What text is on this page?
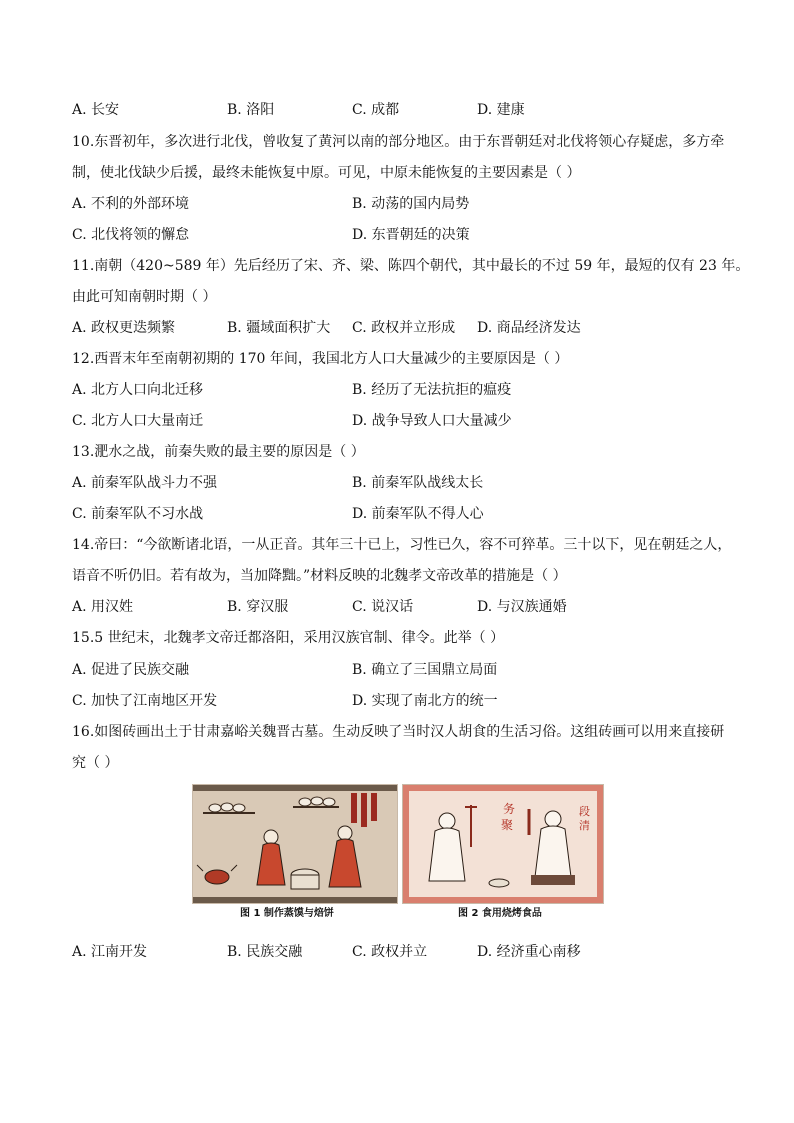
A. 长安	B. 洛阳	C. 成都	D. 建康
10.东晋初年，多次进行北伐，曾收复了黄河以南的部分地区。由于东晋朝廷对北伐将领心存疑虑，多方牵
制，使北伐缺少后援，最终未能恢复中原。可见，中原未能恢复的主要因素是（ ）
A. 不利的外部环境	B. 动荡的国内局势
C. 北伐将领的懈怠	D. 东晋朝廷的决策
11.南朝（420~589 年）先后经历了宋、齐、梁、陈四个朝代，其中最长的不过 59 年，最短的仅有 23 年。
由此可知南朝时期（ ）
A. 政权更迭频繁	B. 疆域面积扩大 C. 政权并立形成 D. 商品经济发达
12.西晋末年至南朝初期的 170 年间，我国北方人口大量减少的主要原因是（ ）
A. 北方人口向北迁移	B. 经历了无法抗拒的瘟疫
C. 北方人口大量南迁	D. 战争导致人口大量减少
13.淝水之战，前秦失败的最主要的原因是（ ）
A. 前秦军队战斗力不强	B. 前秦军队战线太长
C. 前秦军队不习水战	D. 前秦军队不得人心
14.帝曰：“今欲断诸北语，一从正音。其年三十已上，习性已久，容不可猝革。三十以下，见在朝廷之人，
语音不听仍旧。若有故为，当加降黜。”材料反映的北魏孝文帝改革的措施是（ ）
A. 用汉姓	B. 穿汉服	C. 说汉话	D. 与汉族通婚
15.5 世纪末，北魏孝文帝迁都洛阳，采用汉族官制、律令。此举（ ）
A. 促进了民族交融	B. 确立了三国鼎立局面
C. 加快了江南地区开发	D. 实现了南北方的统一
16.如图砖画出土于甘肃嘉峪关魏晋古墓。生动反映了当时汉人胡食的生活习俗。这组砖画可以用来直接研
究（ ）
务
聚
段
清
图 1 制作蒸馍与焙饼	图 2 食用烧烤食品
A. 江南开发	B. 民族交融	C. 政权并立	D. 经济重心南移
